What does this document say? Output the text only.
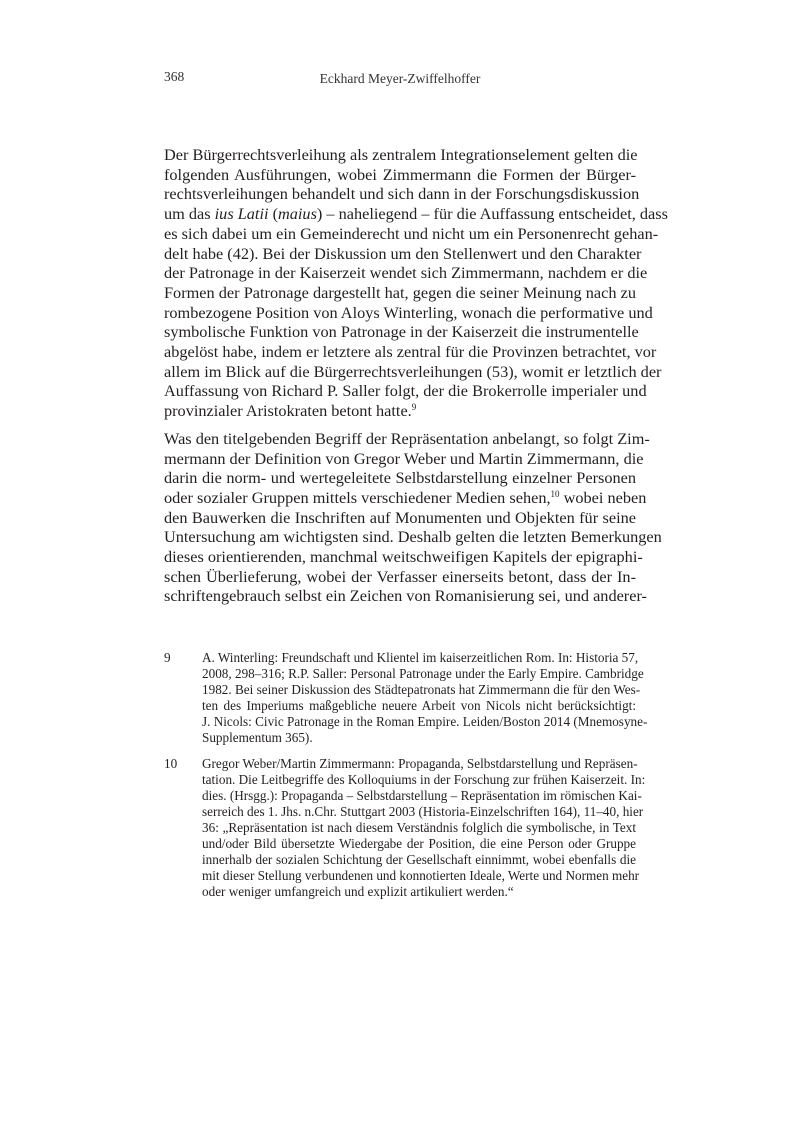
368	Eckhard Meyer-Zwiffelhoffer

Der Bürgerrechtsverleihung als zentralem Integrationselement gelten die
folgenden Ausführungen, wobei Zimmermann die Formen der Bürger-
rechtsverleihungen behandelt und sich dann in der Forschungsdiskussion
um das ius Latii (maius) – naheliegend – für die Auffassung entscheidet, dass
es sich dabei um ein Gemeinderecht und nicht um ein Personenrecht gehan-
delt habe (42). Bei der Diskussion um den Stellenwert und den Charakter
der Patronage in der Kaiserzeit wendet sich Zimmermann, nachdem er die
Formen der Patronage dargestellt hat, gegen die seiner Meinung nach zu
rombezogene Position von Aloys Winterling, wonach die performative und
symbolische Funktion von Patronage in der Kaiserzeit die instrumentelle
abgelöst habe, indem er letztere als zentral für die Provinzen betrachtet, vor
allem im Blick auf die Bürgerrechtsverleihungen (53), womit er letztlich der
Auffassung von Richard P. Saller folgt, der die Brokerrolle imperialer und
provinzialer Aristokraten betont hatte.$^9$

Was den titelgebenden Begriff der Repräsentation anbelangt, so folgt Zim-
mermann der Definition von Gregor Weber und Martin Zimmermann, die
darin die norm- und wertegeleitete Selbstdarstellung einzelner Personen
oder sozialer Gruppen mittels verschiedener Medien sehen,$^{10}$ wobei neben
den Bauwerken die Inschriften auf Monumenten und Objekten für seine
Untersuchung am wichtigsten sind. Deshalb gelten die letzten Bemerkungen
dieses orientierenden, manchmal weitschweifigen Kapitels der epigraphi-
schen Überlieferung, wobei der Verfasser einerseits betont, dass der In-
schriftengebrauch selbst ein Zeichen von Romanisierung sei, und anderer-

9 A. Winterling: Freundschaft und Klientel im kaiserzeitlichen Rom. In: Historia 57,
2008, 298–316; R.P. Saller: Personal Patronage under the Early Empire. Cambridge
1982. Bei seiner Diskussion des Städtepatronats hat Zimmermann die für den Wes-
ten des Imperiums maßgebliche neuere Arbeit von Nicols nicht berücksichtigt:
J. Nicols: Civic Patronage in the Roman Empire. Leiden/Boston 2014 (Mnemosyne-
Supplementum 365).
10 Gregor Weber/Martin Zimmermann: Propaganda, Selbstdarstellung und Repräsen-
tation. Die Leitbegriffe des Kolloquiums in der Forschung zur frühen Kaiserzeit. In:
dies. (Hrsgg.): Propaganda – Selbstdarstellung – Repräsentation im römischen Kai-
serreich des 1. Jhs. n.Chr. Stuttgart 2003 (Historia-Einzelschriften 164), 11–40, hier
36: „Repräsentation ist nach diesem Verständnis folglich die symbolische, in Text
und/oder Bild übersetzte Wiedergabe der Position, die eine Person oder Gruppe
innerhalb der sozialen Schichtung der Gesellschaft einnimmt, wobei ebenfalls die
mit dieser Stellung verbundenen und konnotierten Ideale, Werte und Normen mehr
oder weniger umfangreich und explizit artikuliert werden.“
